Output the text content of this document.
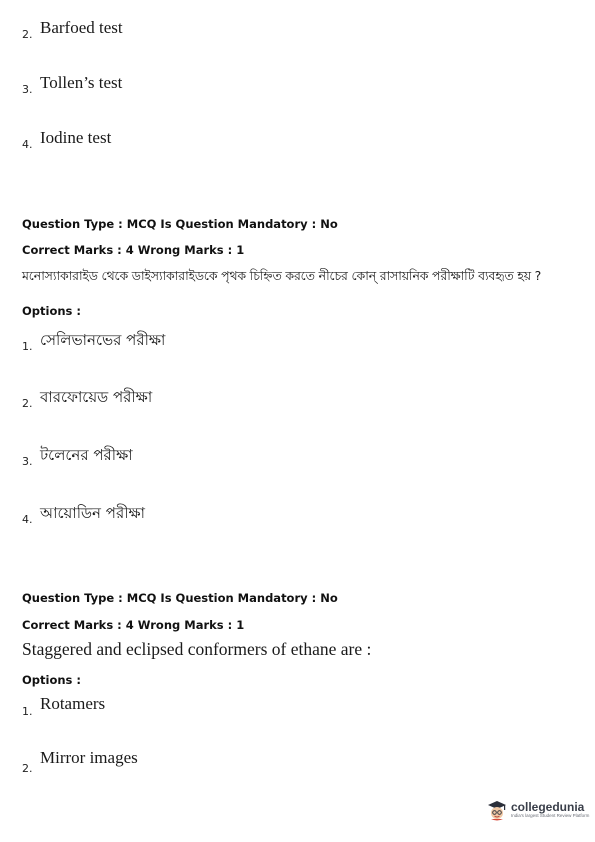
2. Barfoed test
3. Tollen’s test
4. Iodine test
Question Type : MCQ Is Question Mandatory : No
Correct Marks : 4 Wrong Marks : 1
মনোস্যাকারাইড থেকে ডাইস্যাকারাইডকে পৃথক চিহ্নিত করতে নীচের কোন্ রাসায়নিক পরীক্ষাটি ব্যবহৃত হয় ?
Options :
1. সেলিভানভের পরীক্ষা
2. বারফোয়েড পরীক্ষা
3. টলেনের পরীক্ষা
4. আয়োডিন পরীক্ষা
Question Type : MCQ Is Question Mandatory : No
Correct Marks : 4 Wrong Marks : 1
Staggered and eclipsed conformers of ethane are :
Options :
1. Rotamers
2.
Mirror images
collegedunia
India's largest Student Review Platform
